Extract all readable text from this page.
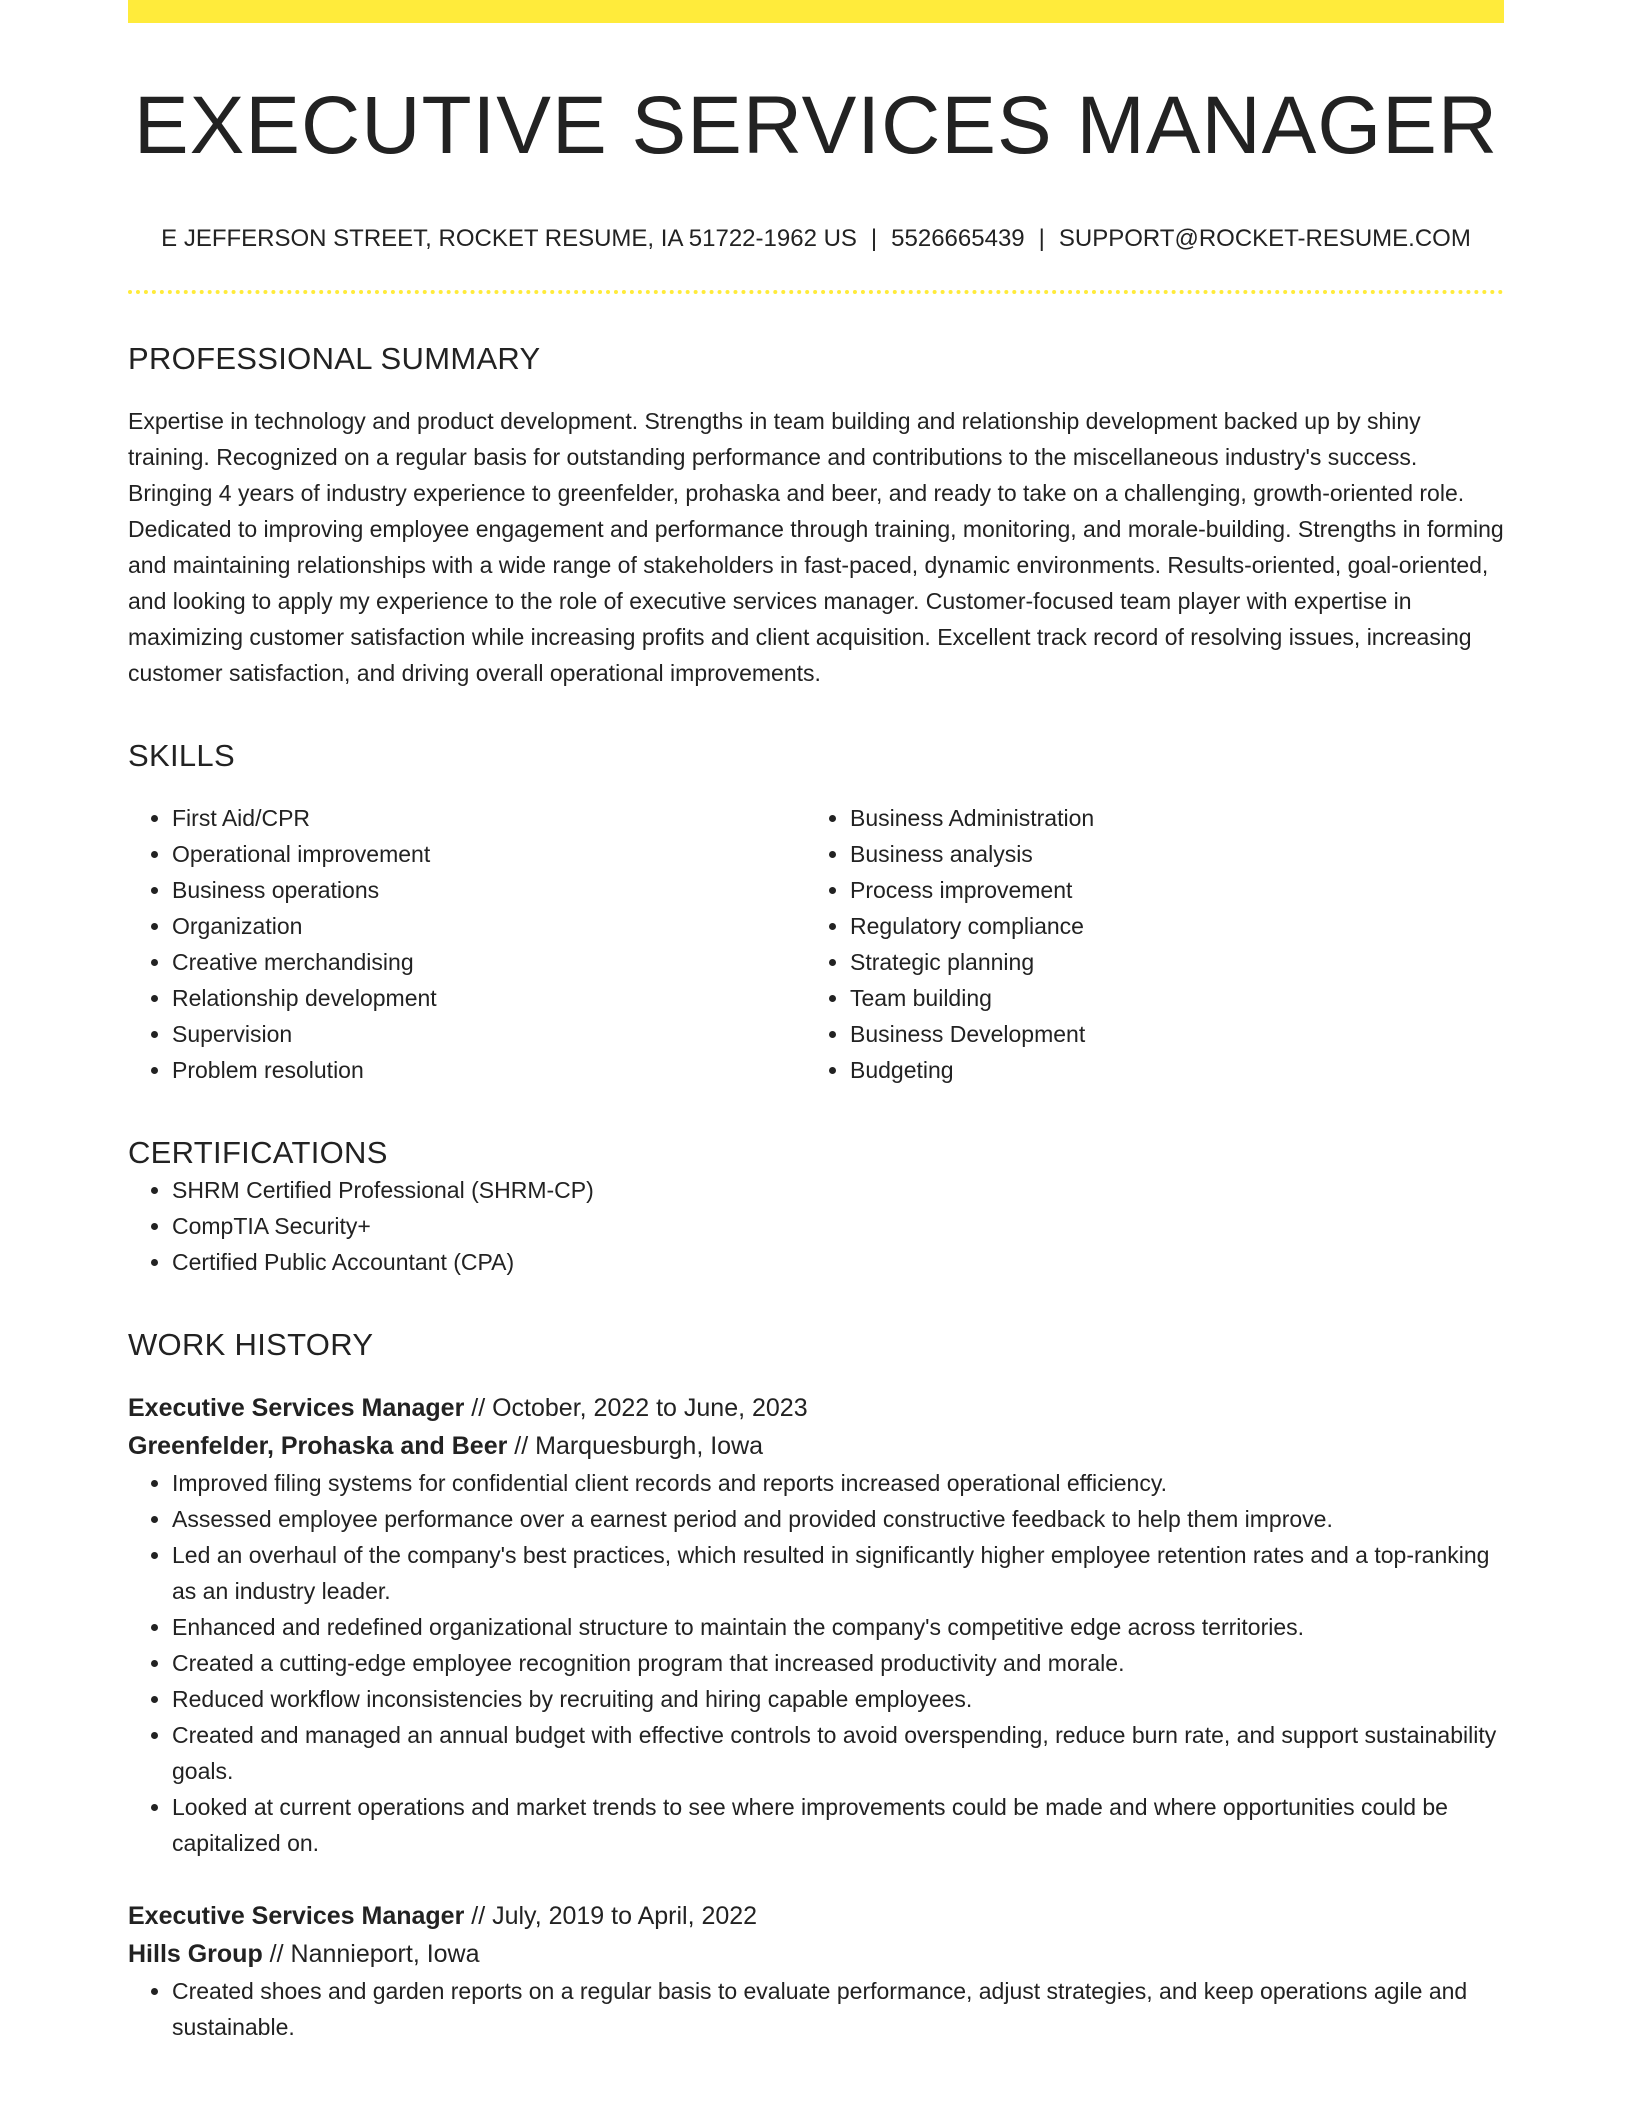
EXECUTIVE SERVICES MANAGER
E JEFFERSON STREET, ROCKET RESUME, IA 51722-1962 US | 5526665439 | SUPPORT@ROCKET-RESUME.COM
PROFESSIONAL SUMMARY

Expertise in technology and product development. Strengths in team building and relationship development backed up by shiny training. Recognized on a regular basis for outstanding performance and contributions to the miscellaneous industry's success. Bringing 4 years of industry experience to greenfelder, prohaska and beer, and ready to take on a challenging, growth-oriented role. Dedicated to improving employee engagement and performance through training, monitoring, and morale-building. Strengths in forming and maintaining relationships with a wide range of stakeholders in fast-paced, dynamic environments. Results-oriented, goal-oriented, and looking to apply my experience to the role of executive services manager. Customer-focused team player with expertise in maximizing customer satisfaction while increasing profits and client acquisition. Excellent track record of resolving issues, increasing customer satisfaction, and driving overall operational improvements.

SKILLS
• First Aid/CPR
• Operational improvement
• Business operations
• Organization
• Creative merchandising
• Relationship development
• Supervision
• Problem resolution
• Business Administration
• Business analysis
• Process improvement
• Regulatory compliance
• Strategic planning
• Team building
• Business Development
• Budgeting
CERTIFICATIONS
• SHRM Certified Professional (SHRM-CP)
• CompTIA Security+
• Certified Public Accountant (CPA)
WORK HISTORY
Executive Services Manager // October, 2022 to June, 2023
Greenfelder, Prohaska and Beer // Marquesburgh, Iowa
• Improved filing systems for confidential client records and reports increased operational efficiency.
• Assessed employee performance over a earnest period and provided constructive feedback to help them improve.
• Led an overhaul of the company's best practices, which resulted in significantly higher employee retention rates and a top-ranking as an industry leader.
• Enhanced and redefined organizational structure to maintain the company's competitive edge across territories.
• Created a cutting-edge employee recognition program that increased productivity and morale.
• Reduced workflow inconsistencies by recruiting and hiring capable employees.
• Created and managed an annual budget with effective controls to avoid overspending, reduce burn rate, and support sustainability goals.
• Looked at current operations and market trends to see where improvements could be made and where opportunities could be capitalized on.
Executive Services Manager // July, 2019 to April, 2022
Hills Group // Nannieport, Iowa
• Created shoes and garden reports on a regular basis to evaluate performance, adjust strategies, and keep operations agile and sustainable.
